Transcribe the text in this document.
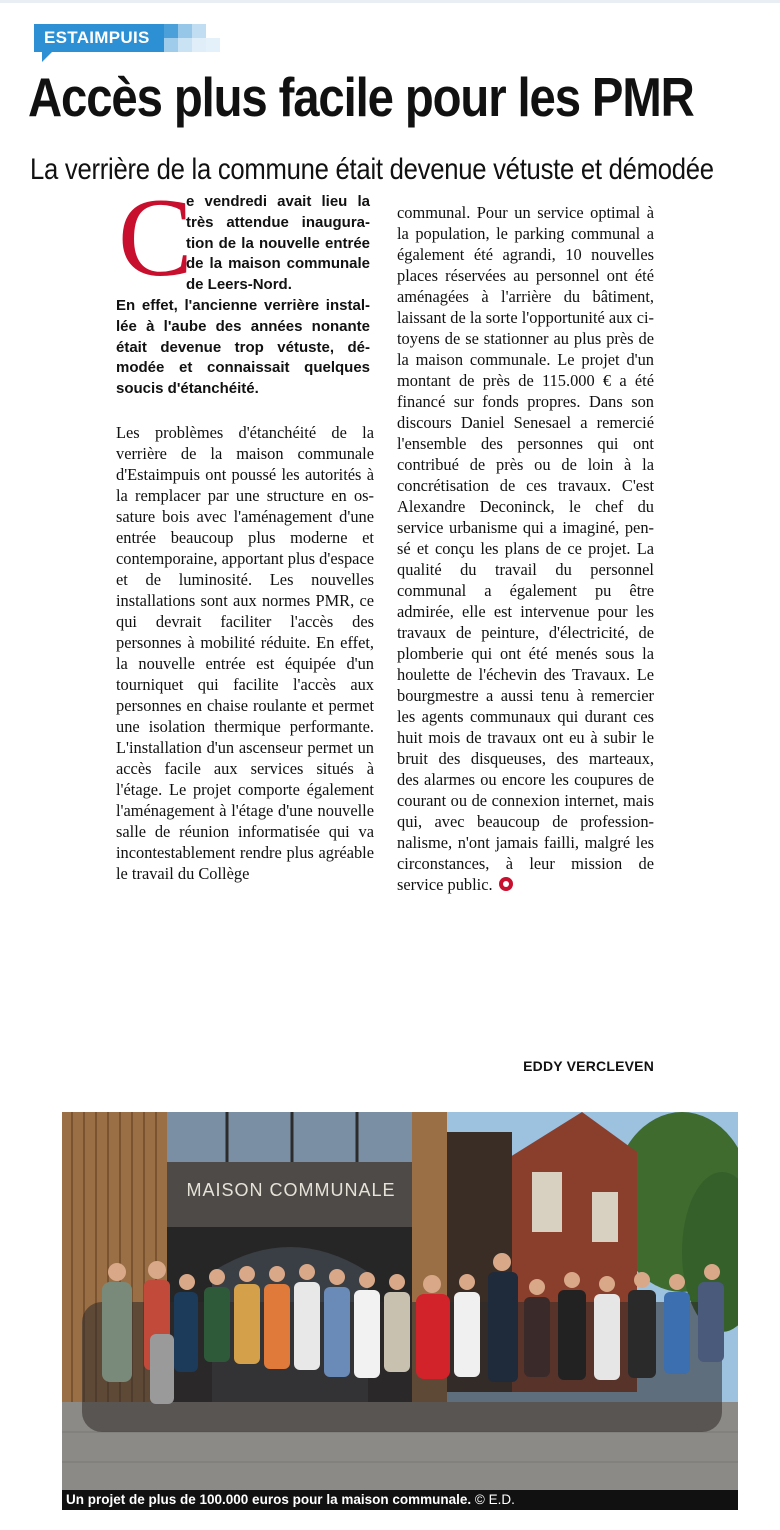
ESTAIMPUIS
Accès plus facile pour les PMR
La verrière de la commune était devenue vétuste et démodée
C
e vendredi avait lieu la très attendue inauguration de la nouvelle entrée de la maison communale de Leers-Nord.
En effet, l'ancienne verrière installée à l'aube des années nonante était devenue trop vétuste, démodée et connaissait quelques soucis d'étanchéité.
Les problèmes d'étanchéité de la verrière de la maison communale d'Estaimpuis ont poussé les autorités à la remplacer par une structure en ossature bois avec l'aménagement d'une entrée beaucoup plus moderne et contemporaine, apportant plus d'espace et de luminosité. Les nouvelles installations sont aux normes PMR, ce qui devrait faciliter l'accès des personnes à mobilité réduite. En effet, la nouvelle entrée est équipée d'un tourniquet qui facilite l'accès aux personnes en chaise roulante et permet une isolation thermique performante. L'installation d'un ascenseur permet un accès facile aux services situés à l'étage. Le projet comporte également l'aménagement à l'étage d'une nouvelle salle de réunion informatisée qui va incontestablement rendre plus agréable le travail du Collège
communal. Pour un service optimal à la population, le parking communal a également été agrandi, 10 nouvelles places réservées au personnel ont été aménagées à l'arrière du bâtiment, laissant de la sorte l'opportunité aux citoyens de se stationner au plus près de la maison communale. Le projet d'un montant de près de 115.000 € a été financé sur fonds propres. Dans son discours Daniel Senesael a remercié l'ensemble des personnes qui ont contribué de près ou de loin à la concrétisation de ces travaux. C'est Alexandre Deconinck, le chef du service urbanisme qui a imaginé, pensé et conçu les plans de ce projet. La qualité du travail du personnel communal a également pu être admirée, elle est intervenue pour les travaux de peinture, d'électricité, de plomberie qui ont été menés sous la houlette de l'échevin des Travaux. Le bourgmestre a aussi tenu à remercier les agents communaux qui durant ces huit mois de travaux ont eu à subir le bruit des disqueuses, des marteaux, des alarmes ou encore les coupures de courant ou de connexion internet, mais qui, avec beaucoup de professionnalisme, n'ont jamais failli, malgré les circonstances, à leur mission de service public.
EDDY VERCLEVEN
MAISON COMMUNALE
Un projet de plus de 100.000 euros pour la maison communale. © E.D.
